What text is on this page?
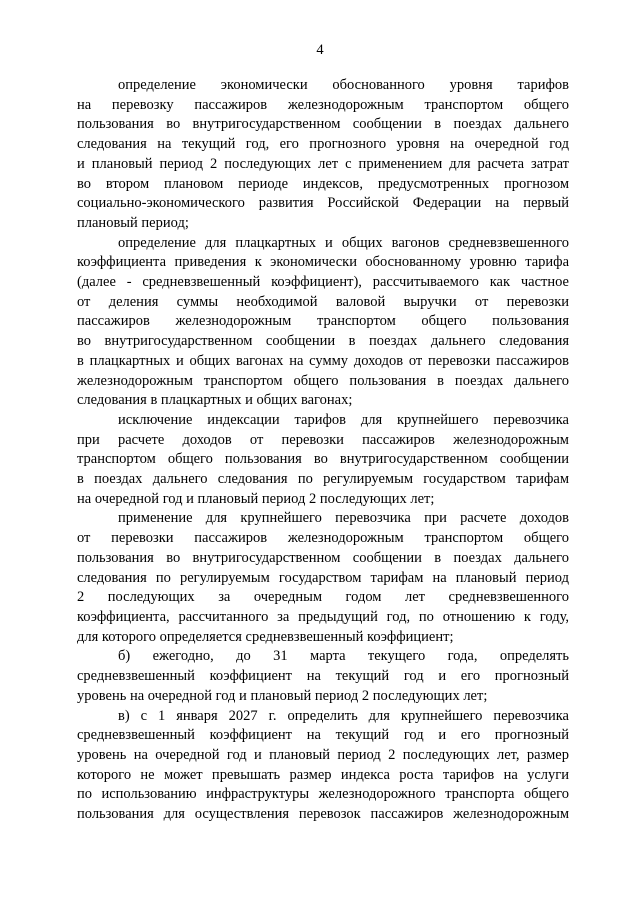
4
определение экономически обоснованного уровня тарифов
на перевозку пассажиров железнодорожным транспортом общего
пользования во внутригосударственном сообщении в поездах дальнего
следования на текущий год, его прогнозного уровня на очередной год
и плановый период 2 последующих лет с применением для расчета затрат
во втором плановом периоде индексов, предусмотренных прогнозом
социально-экономического развития Российской Федерации на первый
плановый период;
определение для плацкартных и общих вагонов средневзвешенного
коэффициента приведения к экономически обоснованному уровню тарифа
(далее - средневзвешенный коэффициент), рассчитываемого как частное
от деления суммы необходимой валовой выручки от перевозки
пассажиров железнодорожным транспортом общего пользования
во внутригосударственном сообщении в поездах дальнего следования
в плацкартных и общих вагонах на сумму доходов от перевозки пассажиров
железнодорожным транспортом общего пользования в поездах дальнего
следования в плацкартных и общих вагонах;
исключение индексации тарифов для крупнейшего перевозчика
при расчете доходов от перевозки пассажиров железнодорожным
транспортом общего пользования во внутригосударственном сообщении
в поездах дальнего следования по регулируемым государством тарифам
на очередной год и плановый период 2 последующих лет;
применение для крупнейшего перевозчика при расчете доходов
от перевозки пассажиров железнодорожным транспортом общего
пользования во внутригосударственном сообщении в поездах дальнего
следования по регулируемым государством тарифам на плановый период
2 последующих за очередным годом лет средневзвешенного
коэффициента, рассчитанного за предыдущий год, по отношению к году,
для которого определяется средневзвешенный коэффициент;
б) ежегодно, до 31 марта текущего года, определять
средневзвешенный коэффициент на текущий год и его прогнозный
уровень на очередной год и плановый период 2 последующих лет;
в) с 1 января 2027 г. определить для крупнейшего перевозчика
средневзвешенный коэффициент на текущий год и его прогнозный
уровень на очередной год и плановый период 2 последующих лет, размер
которого не может превышать размер индекса роста тарифов на услуги
по использованию инфраструктуры железнодорожного транспорта общего
пользования для осуществления перевозок пассажиров железнодорожным
